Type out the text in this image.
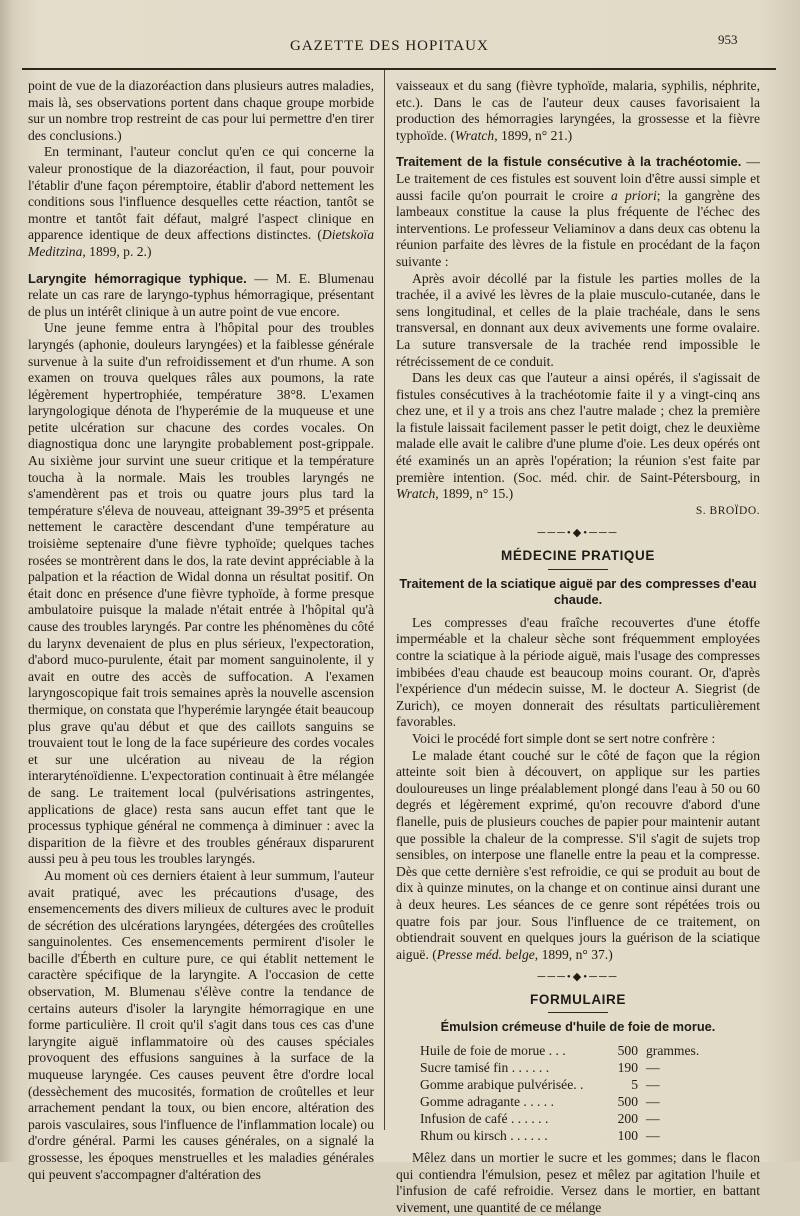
GAZETTE DES HOPITAUX	953

point de vue de la diazoréaction dans plusieurs autres maladies, mais là, ses observations portent dans chaque groupe morbide sur un nombre trop restreint de cas pour lui permettre d'en tirer des conclusions.)

En terminant, l'auteur conclut qu'en ce qui concerne la valeur pronostique de la diazoréaction, il faut, pour pouvoir l'établir d'une façon péremptoire, établir d'abord nettement les conditions sous l'influence desquelles cette réaction, tantôt se montre et tantôt fait défaut, malgré l'aspect clinique en apparence identique de deux affections distinctes. (Dietskoïa Meditzina, 1899, p. 2.)

Laryngite hémorragique typhique. — M. E. Blumenau relate un cas rare de laryngo-typhus hémorragique, présentant de plus un intérêt clinique à un autre point de vue encore.

Une jeune femme entra à l'hôpital pour des troubles laryngés (aphonie, douleurs laryngées) et la faiblesse générale survenue à la suite d'un refroidissement et d'un rhume. A son examen on trouva quelques râles aux poumons, la rate légèrement hypertrophiée, température 38°8. L'examen laryngologique dénota de l'hyperémie de la muqueuse et une petite ulcération sur chacune des cordes vocales. On diagnostiqua donc une laryngite probablement post-grippale. Au sixième jour survint une sueur critique et la température toucha à la normale. Mais les troubles laryngés ne s'amendèrent pas et trois ou quatre jours plus tard la température s'éleva de nouveau, atteignant 39-39°5 et présenta nettement le caractère descendant d'une température au troisième septenaire d'une fièvre typhoïde; quelques taches rosées se montrèrent dans le dos, la rate devint appréciable à la palpation et la réaction de Widal donna un résultat positif. On était donc en présence d'une fièvre typhoïde, à forme presque ambulatoire puisque la malade n'était entrée à l'hôpital qu'à cause des troubles laryngés. Par contre les phénomènes du côté du larynx devenaient de plus en plus sérieux, l'expectoration, d'abord muco-purulente, était par moment sanguinolente, il y avait en outre des accès de suffocation. A l'examen laryngoscopique fait trois semaines après la nouvelle ascension thermique, on constata que l'hyperémie laryngée était beaucoup plus grave qu'au début et que des caillots sanguins se trouvaient tout le long de la face supérieure des cordes vocales et sur une ulcération au niveau de la région interaryténoïdienne. L'expectoration continuait à être mélangée de sang. Le traitement local (pulvérisations astringentes, applications de glace) resta sans aucun effet tant que le processus typhique général ne commença à diminuer : avec la disparition de la fièvre et des troubles généraux disparurent aussi peu à peu tous les troubles laryngés.

Au moment où ces derniers étaient à leur summum, l'auteur avait pratiqué, avec les précautions d'usage, des ensemencements des divers milieux de cultures avec le produit de sécrétion des ulcérations laryngées, détergées des croûtelles sanguinolentes. Ces ensemencements permirent d'isoler le bacille d'Éberth en culture pure, ce qui établit nettement le caractère spécifique de la laryngite. A l'occasion de cette observation, M. Blumenau s'élève contre la tendance de certains auteurs d'isoler la laryngite hémorragique en une forme particulière. Il croit qu'il s'agit dans tous ces cas d'une laryngite aiguë inflammatoire où des causes spéciales provoquent des effusions sanguines à la surface de la muqueuse laryngée. Ces causes peuvent être d'ordre local (dessèchement des mucosités, formation de croûtelles et leur arrachement pendant la toux, ou bien encore, altération des parois vasculaires, sous l'influence de l'inflammation locale) ou d'ordre général. Parmi les causes générales, on a signalé la grossesse, les époques menstruelles et les maladies générales qui peuvent s'accompagner d'altération des

vaisseaux et du sang (fièvre typhoïde, malaria, syphilis, néphrite, etc.). Dans le cas de l'auteur deux causes favorisaient la production des hémorragies laryngées, la grossesse et la fièvre typhoïde. (Wratch, 1899, n° 21.)

Traitement de la fistule consécutive à la trachéotomie. — Le traitement de ces fistules est souvent loin d'être aussi simple et aussi facile qu'on pourrait le croire a priori; la gangrène des lambeaux constitue la cause la plus fréquente de l'échec des interventions. Le professeur Veliaminov a dans deux cas obtenu la réunion parfaite des lèvres de la fistule en procédant de la façon suivante :

Après avoir décollé par la fistule les parties molles de la trachée, il a avivé les lèvres de la plaie musculo-cutanée, dans le sens longitudinal, et celles de la plaie trachéale, dans le sens transversal, en donnant aux deux avivements une forme ovalaire. La suture transversale de la trachée rend impossible le rétrécissement de ce conduit.

Dans les deux cas que l'auteur a ainsi opérés, il s'agissait de fistules consécutives à la trachéotomie faite il y a vingt-cinq ans chez une, et il y a trois ans chez l'autre malade ; chez la première la fistule laissait facilement passer le petit doigt, chez le deuxième malade elle avait le calibre d'une plume d'oie. Les deux opérés ont été examinés un an après l'opération; la réunion s'est faite par première intention. (Soc. méd. chir. de Saint-Pétersbourg, in Wratch, 1899, n° 15.)

S. BROÏDO.
───•◆•───
MÉDECINE PRATIQUE
Traitement de la sciatique aiguë par des compresses d'eau chaude.

Les compresses d'eau fraîche recouvertes d'une étoffe imperméable et la chaleur sèche sont fréquemment employées contre la sciatique à la période aiguë, mais l'usage des compresses imbibées d'eau chaude est beaucoup moins courant. Or, d'après l'expérience d'un médecin suisse, M. le docteur A. Siegrist (de Zurich), ce moyen donnerait des résultats particulièrement favorables.

Voici le procédé fort simple dont se sert notre confrère :

Le malade étant couché sur le côté de façon que la région atteinte soit bien à découvert, on applique sur les parties douloureuses un linge préalablement plongé dans l'eau à 50 ou 60 degrés et légèrement exprimé, qu'on recouvre d'abord d'une flanelle, puis de plusieurs couches de papier pour maintenir autant que possible la chaleur de la compresse. S'il s'agit de sujets trop sensibles, on interpose une flanelle entre la peau et la compresse. Dès que cette dernière s'est refroidie, ce qui se produit au bout de dix à quinze minutes, on la change et on continue ainsi durant une à deux heures. Les séances de ce genre sont répétées trois ou quatre fois par jour. Sous l'influence de ce traitement, on obtiendrait souvent en quelques jours la guérison de la sciatique aiguë. (Presse méd. belge, 1899, n° 37.)

───•◆•───
FORMULAIRE
Émulsion crémeuse d'huile de foie de morue.
Huile de foie de morue . . .	500 grammes.
Sucre tamisé fin . . . . . .	190 —
Gomme arabique pulvérisée. .	5 —
Gomme adragante . . . . .	500 —
Infusion de café . . . . . .	200 —
Rhum ou kirsch . . . . . .	100 —

Mêlez dans un mortier le sucre et les gommes; dans le flacon qui contiendra l'émulsion, pesez et mêlez par agitation l'huile et l'infusion de café refroidie. Versez dans le mortier, en battant vivement, une quantité de ce mélange
